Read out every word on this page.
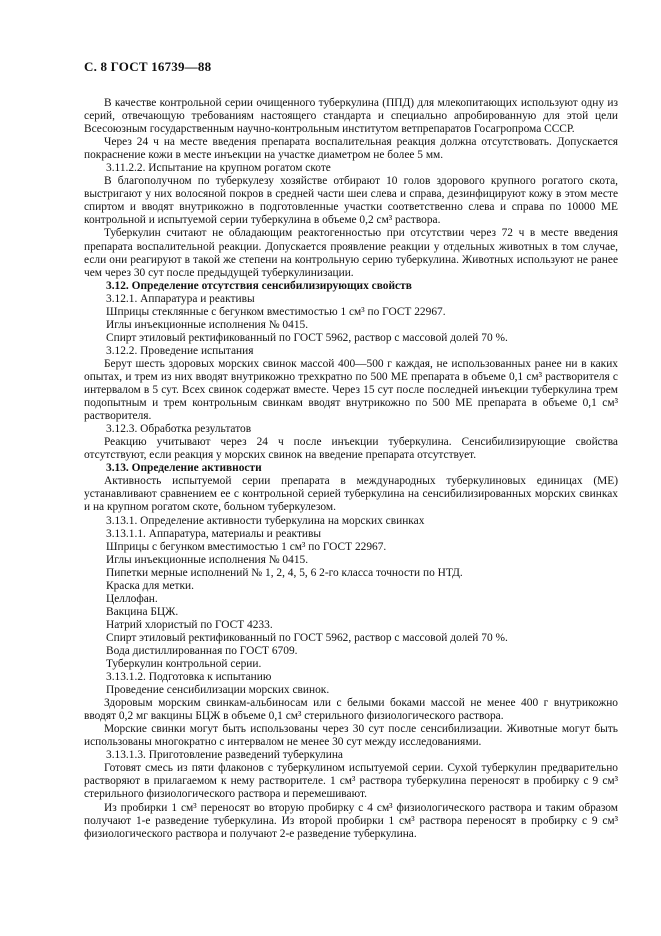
С. 8 ГОСТ 16739—88

В качестве контрольной серии очищенного туберкулина (ППД) для млекопитающих используют одну из серий, отвечающую требованиям настоящего стандарта и специально апробированную для этой цели Всесоюзным государственным научно-контрольным институтом ветпрепаратов Госагропрома СССР.

Через 24 ч на месте введения препарата воспалительная реакция должна отсутствовать. Допускается покраснение кожи в месте инъекции на участке диаметром не более 5 мм.

3.11.2.2. Испытание на крупном рогатом скоте

В благополучном по туберкулезу хозяйстве отбирают 10 голов здорового крупного рогатого скота, выстригают у них волосяной покров в средней части шеи слева и справа, дезинфицируют кожу в этом месте спиртом и вводят внутрикожно в подготовленные участки соответственно слева и справа по 10000 МЕ контрольной и испытуемой серии туберкулина в объеме 0,2 см³ раствора.

Туберкулин считают не обладающим реактогенностью при отсутствии через 72 ч в месте введения препарата воспалительной реакции. Допускается проявление реакции у отдельных животных в том случае, если они реагируют в такой же степени на контрольную серию туберкулина. Животных используют не ранее чем через 30 сут после предыдущей туберкулинизации.

3.12. Определение отсутствия сенсибилизирующих свойств

3.12.1. Аппаратура и реактивы

Шприцы стеклянные с бегунком вместимостью 1 см³ по ГОСТ 22967.

Иглы инъекционные исполнения № 0415.

Спирт этиловый ректификованный по ГОСТ 5962, раствор с массовой долей 70 %.

3.12.2. Проведение испытания

Берут шесть здоровых морских свинок массой 400—500 г каждая, не использованных ранее ни в каких опытах, и трем из них вводят внутрикожно трехкратно по 500 МЕ препарата в объеме 0,1 см³ растворителя с интервалом в 5 сут. Всех свинок содержат вместе. Через 15 сут после последней инъекции туберкулина трем подопытным и трем контрольным свинкам вводят внутрикожно по 500 МЕ препарата в объеме 0,1 см³ растворителя.

3.12.3. Обработка результатов

Реакцию учитывают через 24 ч после инъекции туберкулина. Сенсибилизирующие свойства отсутствуют, если реакция у морских свинок на введение препарата отсутствует.

3.13. Определение активности

Активность испытуемой серии препарата в международных туберкулиновых единицах (МЕ) устанавливают сравнением ее с контрольной серией туберкулина на сенсибилизированных морских свинках и на крупном рогатом скоте, больном туберкулезом.

3.13.1. Определение активности туберкулина на морских свинках

3.13.1.1. Аппаратура, материалы и реактивы

Шприцы с бегунком вместимостью 1 см³ по ГОСТ 22967.

Иглы инъекционные исполнения № 0415.

Пипетки мерные исполнений № 1, 2, 4, 5, 6 2-го класса точности по НТД.

Краска для метки.

Целлофан.

Вакцина БЦЖ.

Натрий хлористый по ГОСТ 4233.

Спирт этиловый ректификованный по ГОСТ 5962, раствор с массовой долей 70 %.

Вода дистиллированная по ГОСТ 6709.

Туберкулин контрольной серии.

3.13.1.2. Подготовка к испытанию

Проведение сенсибилизации морских свинок.

Здоровым морским свинкам-альбиносам или с белыми боками массой не менее 400 г внутрикожно вводят 0,2 мг вакцины БЦЖ в объеме 0,1 см³ стерильного физиологического раствора.

Морские свинки могут быть использованы через 30 сут после сенсибилизации. Животные могут быть использованы многократно с интервалом не менее 30 сут между исследованиями.

3.13.1.3. Приготовление разведений туберкулина

Готовят смесь из пяти флаконов с туберкулином испытуемой серии. Сухой туберкулин предварительно растворяют в прилагаемом к нему растворителе. 1 см³ раствора туберкулина переносят в пробирку с 9 см³ стерильного физиологического раствора и перемешивают.

Из пробирки 1 см³ переносят во вторую пробирку с 4 см³ физиологического раствора и таким образом получают 1-е разведение туберкулина. Из второй пробирки 1 см³ раствора переносят в пробирку с 9 см³ физиологического раствора и получают 2-е разведение туберкулина.
